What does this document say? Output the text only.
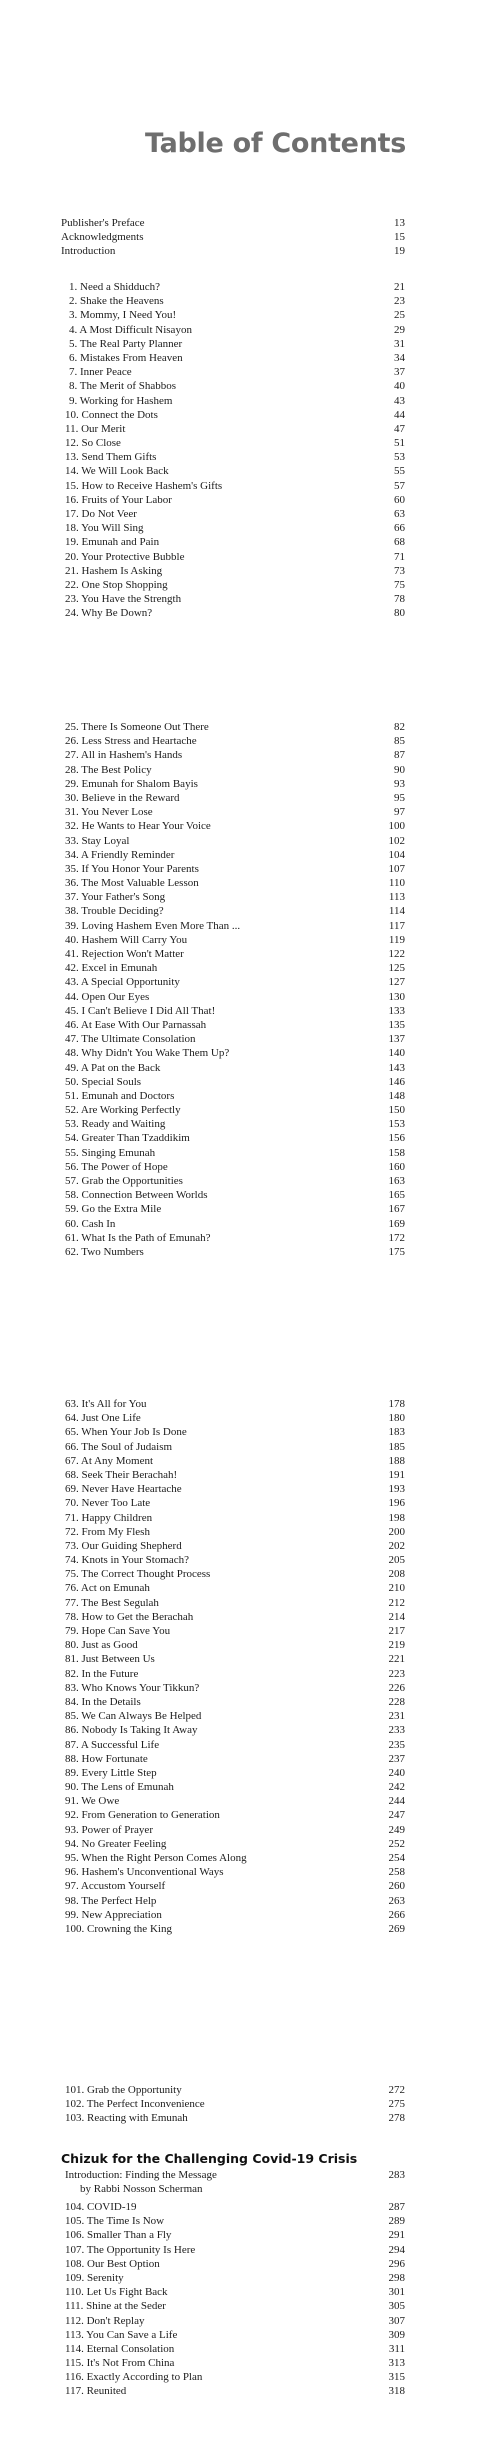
Table of Contents
Publisher's Preface	13
Acknowledgments	15
Introduction	19
1. Need a Shidduch?	21
2. Shake the Heavens	23
3. Mommy, I Need You!	25
4. A Most Difficult Nisayon	29
5. The Real Party Planner	31
6. Mistakes From Heaven	34
7. Inner Peace	37
8. The Merit of Shabbos	40
9. Working for Hashem	43
10. Connect the Dots	44
11. Our Merit	47
12. So Close	51
13. Send Them Gifts	53
14. We Will Look Back	55
15. How to Receive Hashem's Gifts	57
16. Fruits of Your Labor	60
17. Do Not Veer	63
18. You Will Sing	66
19. Emunah and Pain	68
20. Your Protective Bubble	71
21. Hashem Is Asking	73
22. One Stop Shopping	75
23. You Have the Strength	78
24. Why Be Down?	80
25. There Is Someone Out There	82
26. Less Stress and Heartache	85
27. All in Hashem's Hands	87
28. The Best Policy	90
29. Emunah for Shalom Bayis	93
30. Believe in the Reward	95
31. You Never Lose	97
32. He Wants to Hear Your Voice	100
33. Stay Loyal	102
34. A Friendly Reminder	104
35. If You Honor Your Parents	107
36. The Most Valuable Lesson	110
37. Your Father's Song	113
38. Trouble Deciding?	114
39. Loving Hashem Even More Than ...	117
40. Hashem Will Carry You	119
41. Rejection Won't Matter	122
42. Excel in Emunah	125
43. A Special Opportunity	127
44. Open Our Eyes	130
45. I Can't Believe I Did All That!	133
46. At Ease With Our Parnassah	135
47. The Ultimate Consolation	137
48. Why Didn't You Wake Them Up?	140
49. A Pat on the Back	143
50. Special Souls	146
51. Emunah and Doctors	148
52. Are Working Perfectly	150
53. Ready and Waiting	153
54. Greater Than Tzaddikim	156
55. Singing Emunah	158
56. The Power of Hope	160
57. Grab the Opportunities	163
58. Connection Between Worlds	165
59. Go the Extra Mile	167
60. Cash In	169
61. What Is the Path of Emunah?	172
62. Two Numbers	175
63. It's All for You	178
64. Just One Life	180
65. When Your Job Is Done	183
66. The Soul of Judaism	185
67. At Any Moment	188
68. Seek Their Berachah!	191
69. Never Have Heartache	193
70. Never Too Late	196
71. Happy Children	198
72. From My Flesh	200
73. Our Guiding Shepherd	202
74. Knots in Your Stomach?	205
75. The Correct Thought Process	208
76. Act on Emunah	210
77. The Best Segulah	212
78. How to Get the Berachah	214
79. Hope Can Save You	217
80. Just as Good	219
81. Just Between Us	221
82. In the Future	223
83. Who Knows Your Tikkun?	226
84. In the Details	228
85. We Can Always Be Helped	231
86. Nobody Is Taking It Away	233
87. A Successful Life	235
88. How Fortunate	237
89. Every Little Step	240
90. The Lens of Emunah	242
91. We Owe	244
92. From Generation to Generation	247
93. Power of Prayer	249
94. No Greater Feeling	252
95. When the Right Person Comes Along	254
96. Hashem's Unconventional Ways	258
97. Accustom Yourself	260
98. The Perfect Help	263
99. New Appreciation	266
100. Crowning the King	269
101. Grab the Opportunity	272
102. The Perfect Inconvenience	275
103. Reacting with Emunah	278
Chizuk for the Challenging Covid-19 Crisis
Introduction: Finding the Message	283
by Rabbi Nosson Scherman
104. COVID-19	287
105. The Time Is Now	289
106. Smaller Than a Fly	291
107. The Opportunity Is Here	294
108. Our Best Option	296
109. Serenity	298
110. Let Us Fight Back	301
111. Shine at the Seder	305
112. Don't Replay	307
113. You Can Save a Life	309
114. Eternal Consolation	311
115. It's Not From China	313
116. Exactly According to Plan	315
117. Reunited	318
